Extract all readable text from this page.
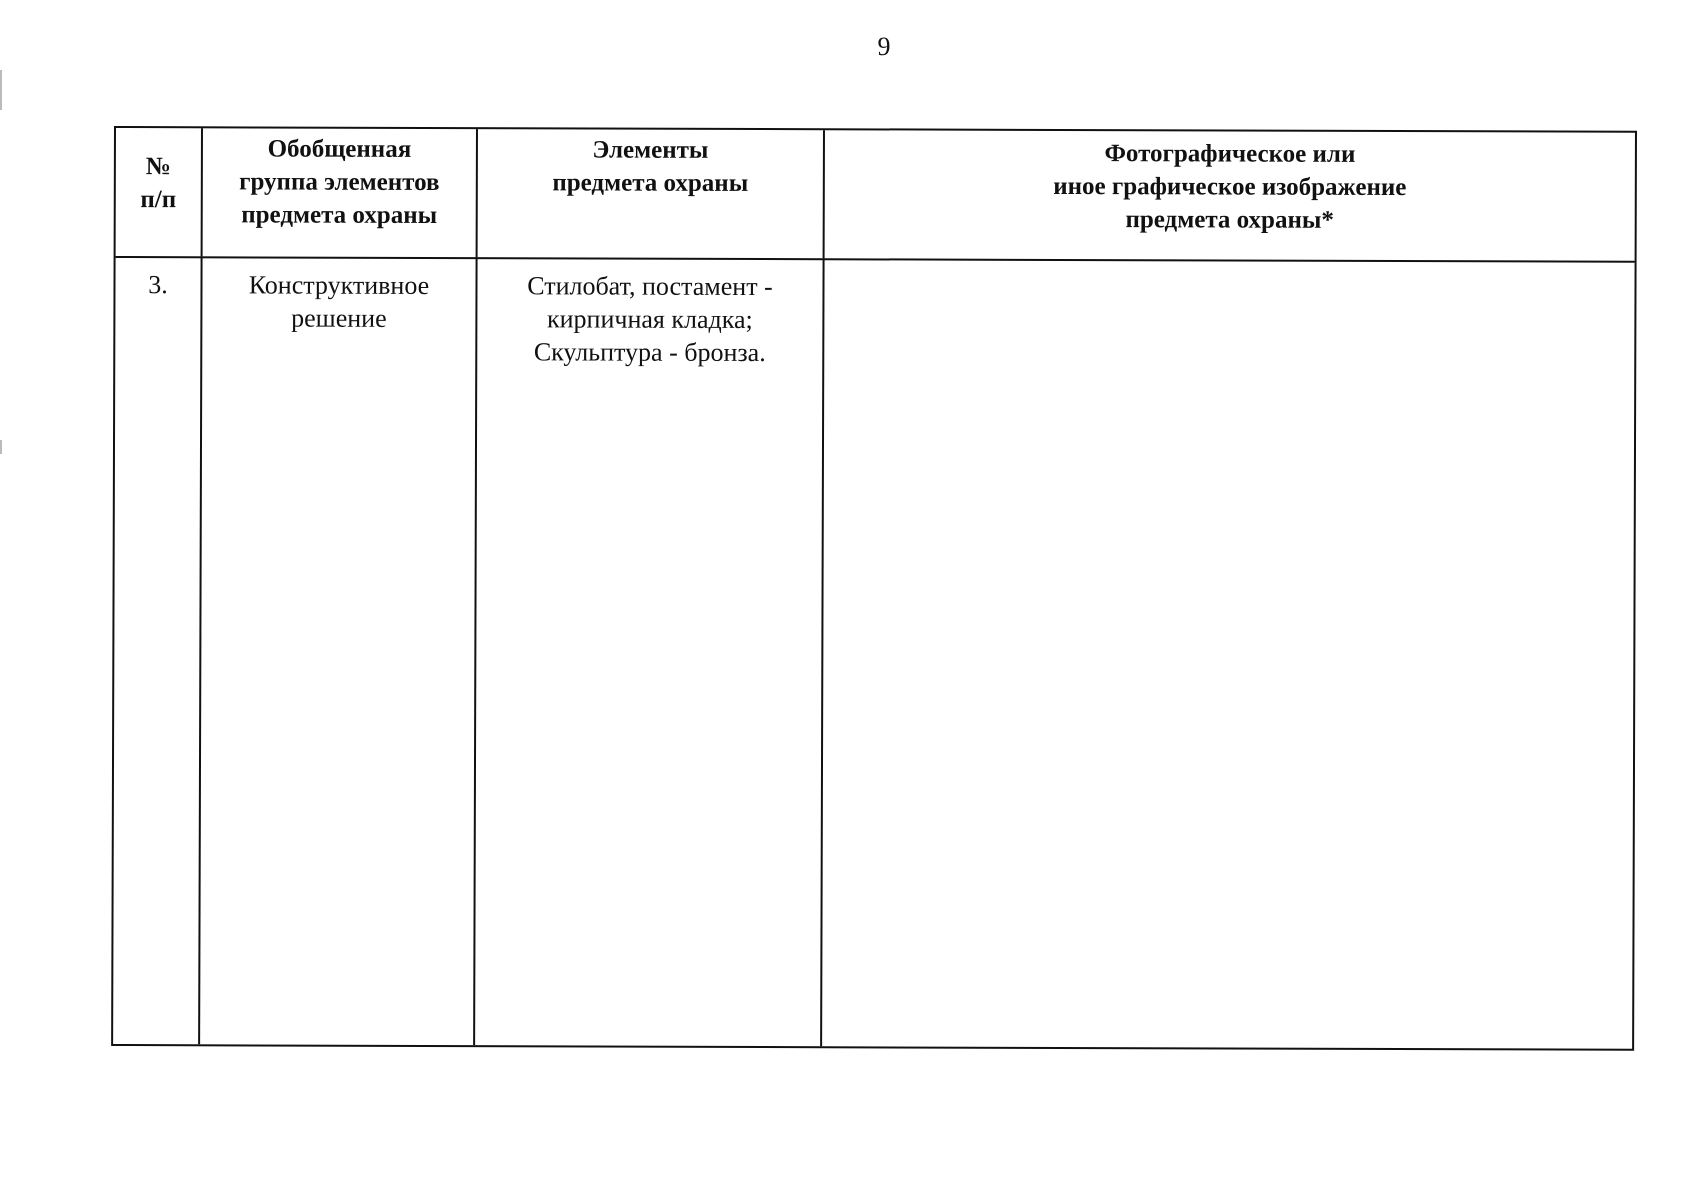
9
№
п/п
Обобщенная
группа элементов
предмета охраны
Элементы
предмета охраны
Фотографическое или
иное графическое изображение
предмета охраны*
3.	Конструктивное
решение
Стилобат, постамент -
кирпичная кладка;
Скульптура - бронза.
